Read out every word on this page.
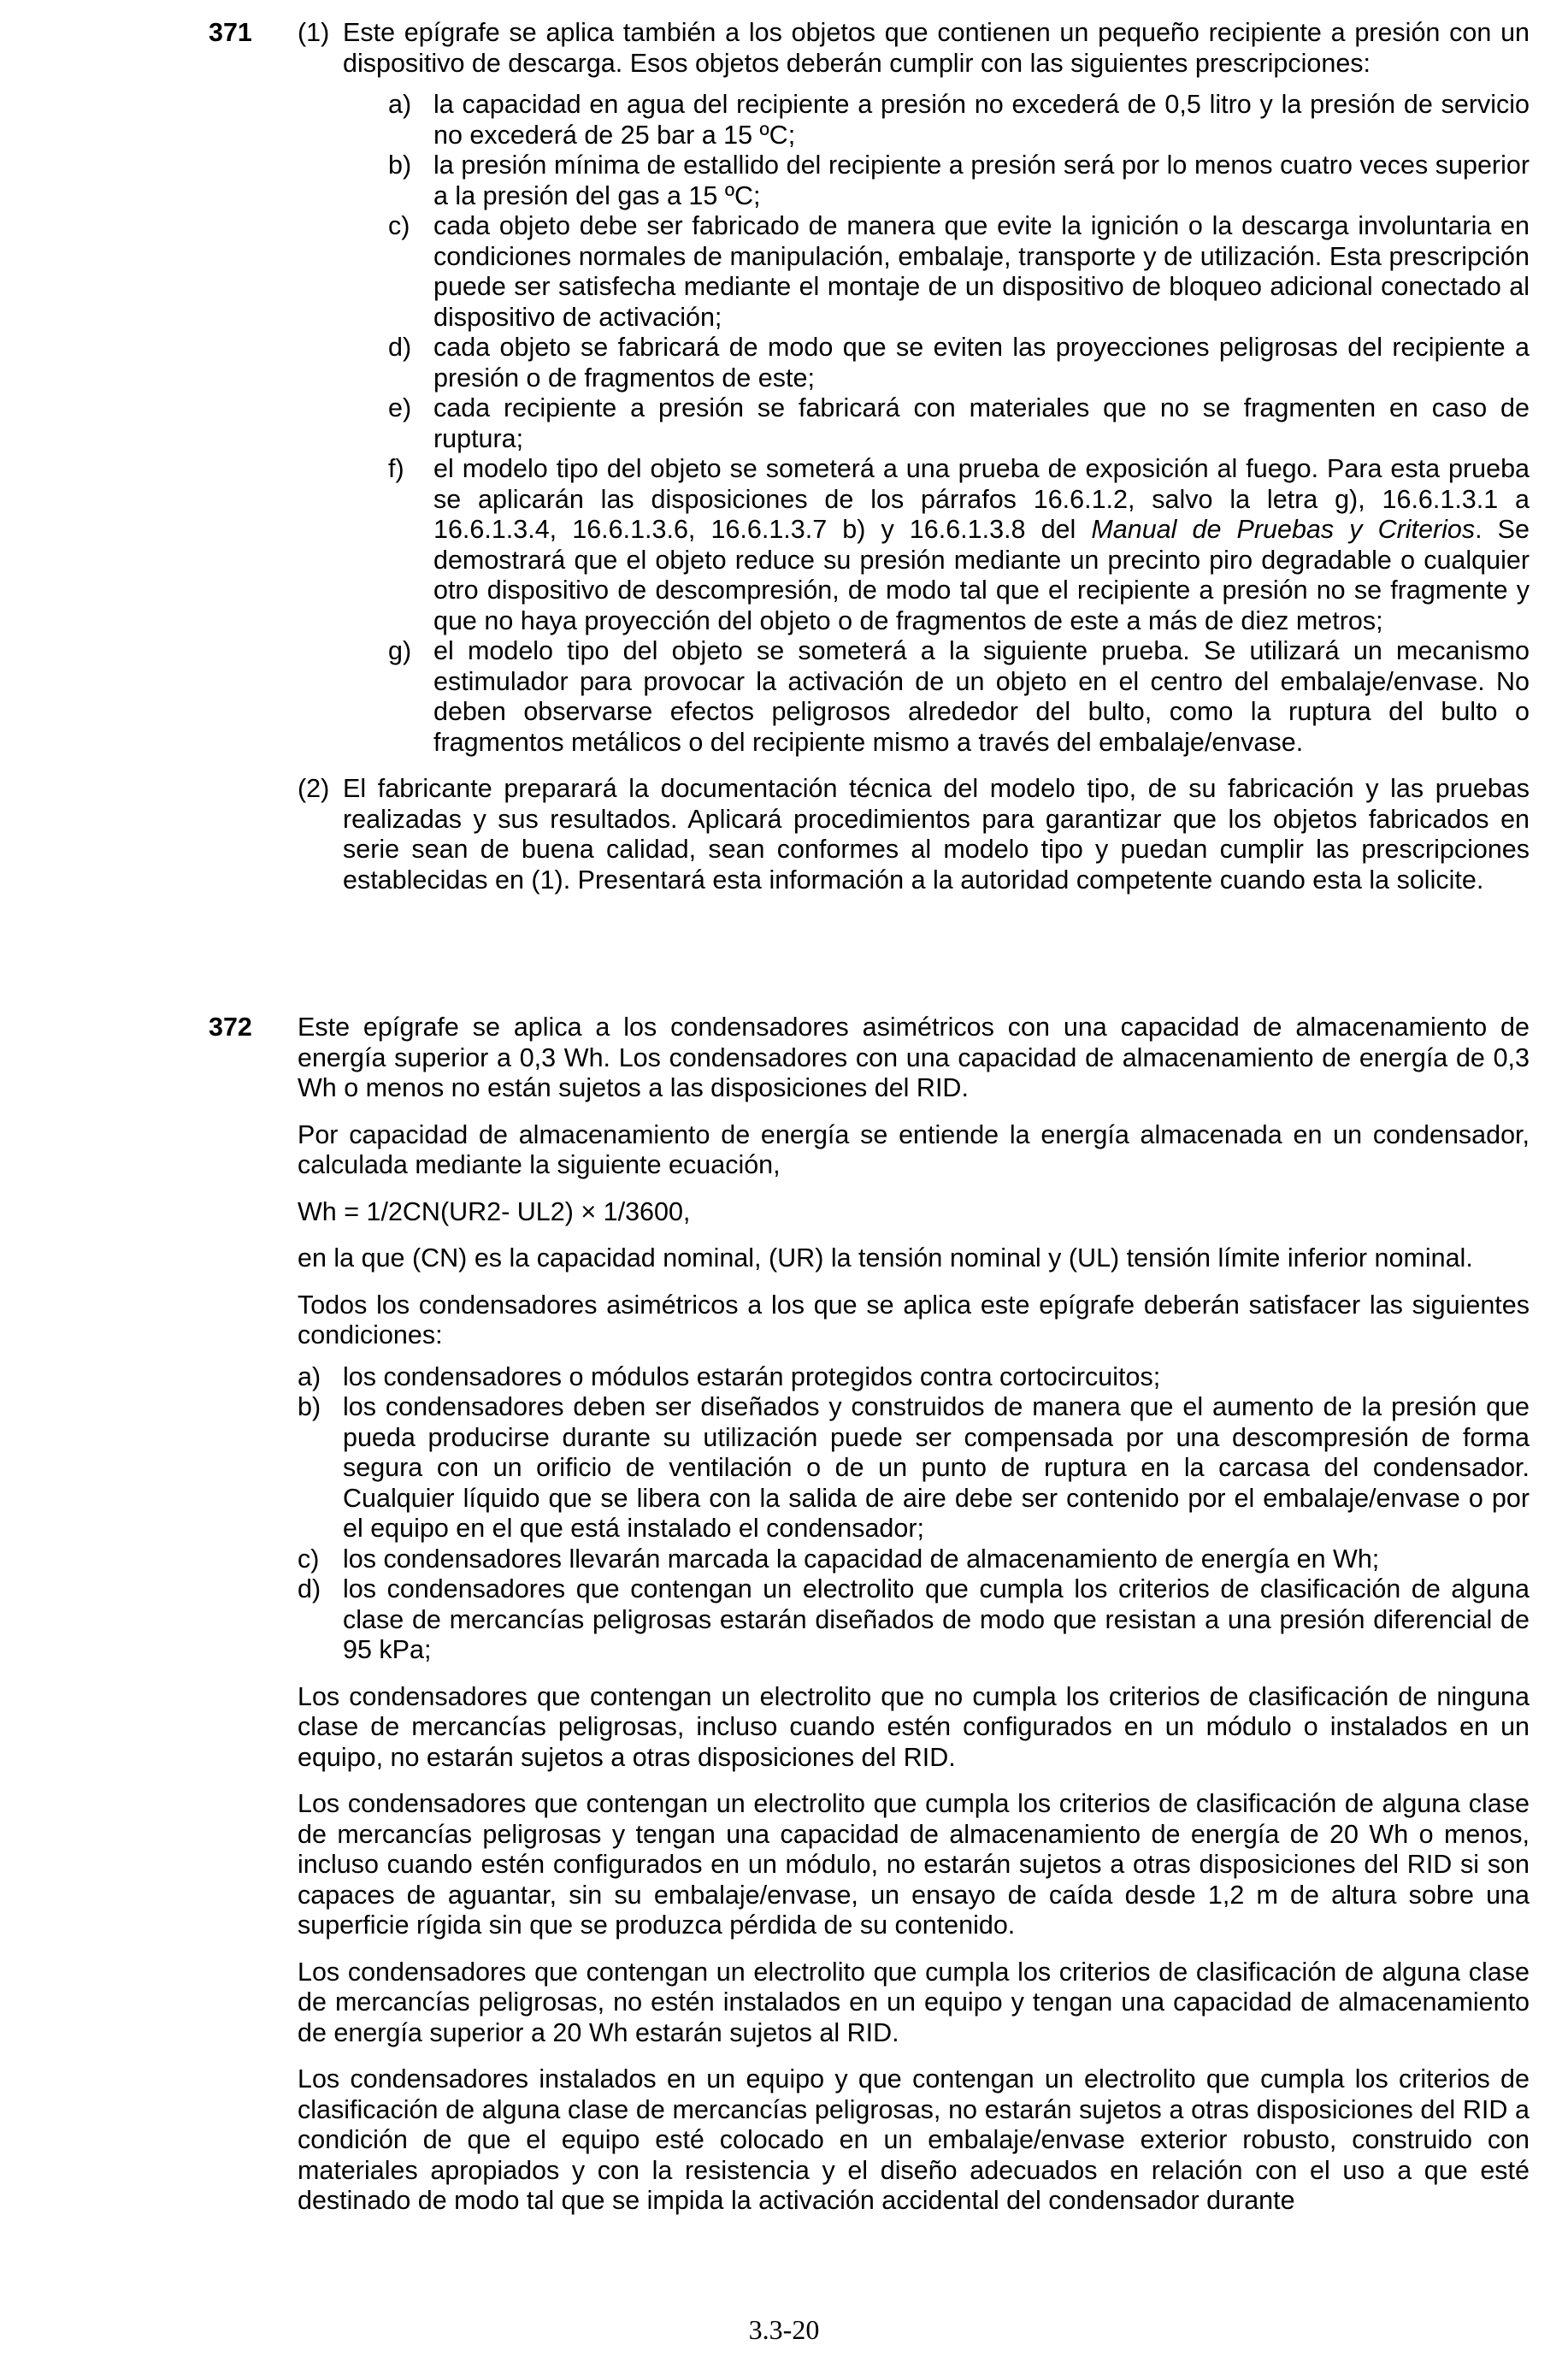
371 (1) Este epígrafe se aplica también a los objetos que contienen un pequeño recipiente a presión con un dispositivo de descarga. Esos objetos deberán cumplir con las siguientes prescripciones:

a) la capacidad en agua del recipiente a presión no excederá de 0,5 litro y la presión de servicio no excederá de 25 bar a 15 ºC;

b) la presión mínima de estallido del recipiente a presión será por lo menos cuatro veces superior a la presión del gas a 15 ºC;

c) cada objeto debe ser fabricado de manera que evite la ignición o la descarga involuntaria en condiciones normales de manipulación, embalaje, transporte y de utilización. Esta prescripción puede ser satisfecha mediante el montaje de un dispositivo de bloqueo adicional conectado al dispositivo de activación;

d) cada objeto se fabricará de modo que se eviten las proyecciones peligrosas del recipiente a presión o de fragmentos de este;

e) cada recipiente a presión se fabricará con materiales que no se fragmenten en caso de ruptura;

f) el modelo tipo del objeto se someterá a una prueba de exposición al fuego. Para esta prueba se aplicarán las disposiciones de los párrafos 16.6.1.2, salvo la letra g), 16.6.1.3.1 a 16.6.1.3.4, 16.6.1.3.6, 16.6.1.3.7 b) y 16.6.1.3.8 del Manual de Pruebas y Criterios. Se demostrará que el objeto reduce su presión mediante un precinto piro degradable o cualquier otro dispositivo de descompresión, de modo tal que el recipiente a presión no se fragmente y que no haya proyección del objeto o de fragmentos de este a más de diez metros;

g) el modelo tipo del objeto se someterá a la siguiente prueba. Se utilizará un mecanismo estimulador para provocar la activación de un objeto en el centro del embalaje/envase. No deben observarse efectos peligrosos alrededor del bulto, como la ruptura del bulto o fragmentos metálicos o del recipiente mismo a través del embalaje/envase.

(2) El fabricante preparará la documentación técnica del modelo tipo, de su fabricación y las pruebas realizadas y sus resultados. Aplicará procedimientos para garantizar que los objetos fabricados en serie sean de buena calidad, sean conformes al modelo tipo y puedan cumplir las prescripciones establecidas en (1). Presentará esta información a la autoridad competente cuando esta la solicite.

372 Este epígrafe se aplica a los condensadores asimétricos con una capacidad de almacenamiento de energía superior a 0,3 Wh. Los condensadores con una capacidad de almacenamiento de energía de 0,3 Wh o menos no están sujetos a las disposiciones del RID.

Por capacidad de almacenamiento de energía se entiende la energía almacenada en un condensador, calculada mediante la siguiente ecuación,

Wh = 1/2CN(UR2- UL2) × 1/3600,

en la que (CN) es la capacidad nominal, (UR) la tensión nominal y (UL) tensión límite inferior nominal.

Todos los condensadores asimétricos a los que se aplica este epígrafe deberán satisfacer las siguientes condiciones:

a) los condensadores o módulos estarán protegidos contra cortocircuitos;

b) los condensadores deben ser diseñados y construidos de manera que el aumento de la presión que pueda producirse durante su utilización puede ser compensada por una descompresión de forma segura con un orificio de ventilación o de un punto de ruptura en la carcasa del condensador. Cualquier líquido que se libera con la salida de aire debe ser contenido por el embalaje/envase o por el equipo en el que está instalado el condensador;

c) los condensadores llevarán marcada la capacidad de almacenamiento de energía en Wh;

d) los condensadores que contengan un electrolito que cumpla los criterios de clasificación de alguna clase de mercancías peligrosas estarán diseñados de modo que resistan a una presión diferencial de 95 kPa;

Los condensadores que contengan un electrolito que no cumpla los criterios de clasificación de ninguna clase de mercancías peligrosas, incluso cuando estén configurados en un módulo o instalados en un equipo, no estarán sujetos a otras disposiciones del RID.

Los condensadores que contengan un electrolito que cumpla los criterios de clasificación de alguna clase de mercancías peligrosas y tengan una capacidad de almacenamiento de energía de 20 Wh o menos, incluso cuando estén configurados en un módulo, no estarán sujetos a otras disposiciones del RID si son capaces de aguantar, sin su embalaje/envase, un ensayo de caída desde 1,2 m de altura sobre una superficie rígida sin que se produzca pérdida de su contenido.

Los condensadores que contengan un electrolito que cumpla los criterios de clasificación de alguna clase de mercancías peligrosas, no estén instalados en un equipo y tengan una capacidad de almacenamiento de energía superior a 20 Wh estarán sujetos al RID.

Los condensadores instalados en un equipo y que contengan un electrolito que cumpla los criterios de clasificación de alguna clase de mercancías peligrosas, no estarán sujetos a otras disposiciones del RID a condición de que el equipo esté colocado en un embalaje/envase exterior robusto, construido con materiales apropiados y con la resistencia y el diseño adecuados en relación con el uso a que esté destinado de modo tal que se impida la activación accidental del condensador durante

3.3-20
